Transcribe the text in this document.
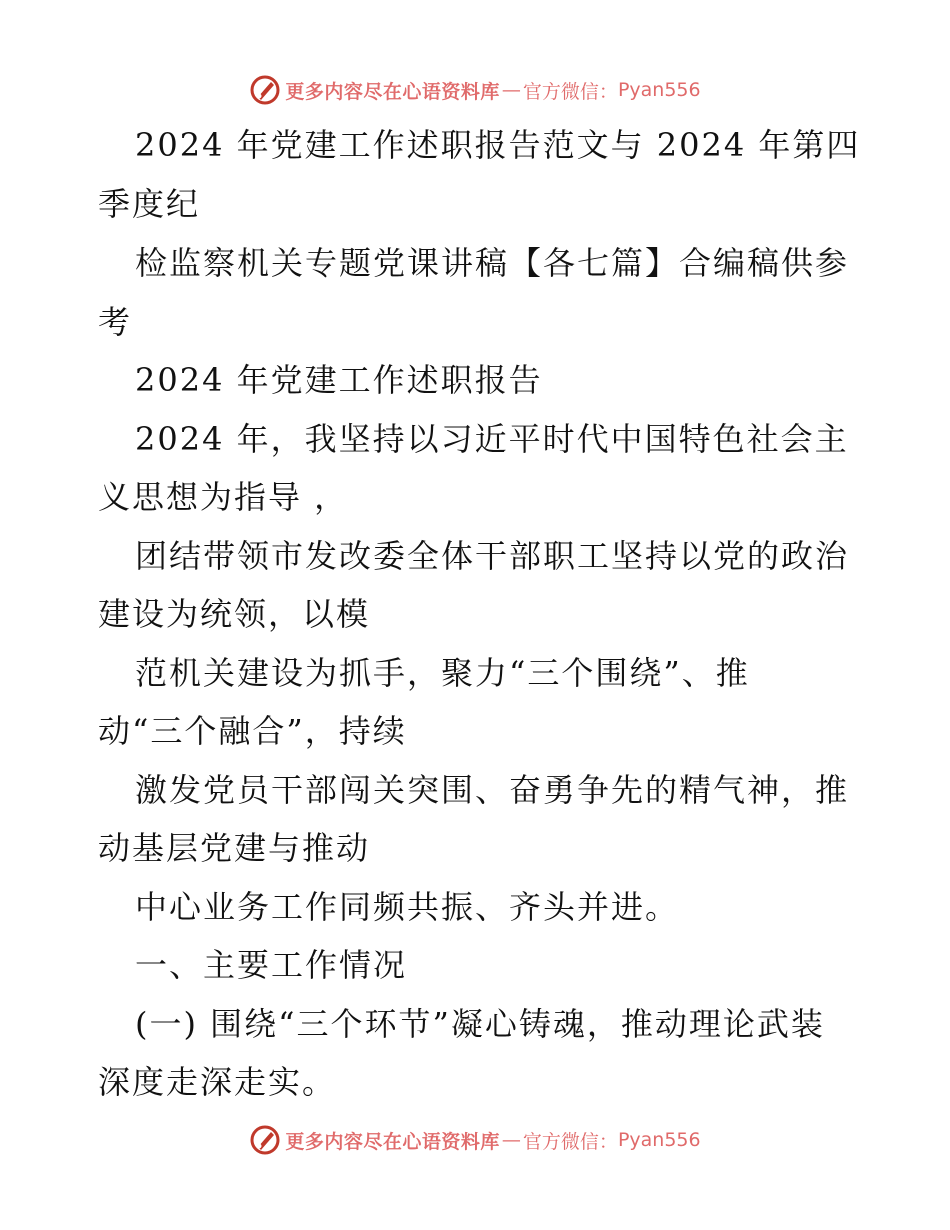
更多内容尽在心语资料库 — 官方微信： Pyan556
2024 年党建工作述职报告范文与 2024 年第四
季度纪
检监察机关专题党课讲稿【各七篇】合编稿供参
考
2024 年党建工作述职报告
2024 年，我坚持以习近平时代中国特色社会主
义思想为指导 ，
团结带领市发改委全体干部职工坚持以党的政治
建设为统领，以模
范机关建设为抓手，聚力“三个围绕”、推
动“三个融合”，持续
激发党员干部闯关突围、奋勇争先的精气神，推
动基层党建与推动
中心业务工作同频共振、齐头并进。
一、主要工作情况
(一) 围绕“三个环节”凝心铸魂，推动理论武装
深度走深走实。
更多内容尽在心语资料库 — 官方微信： Pyan556
